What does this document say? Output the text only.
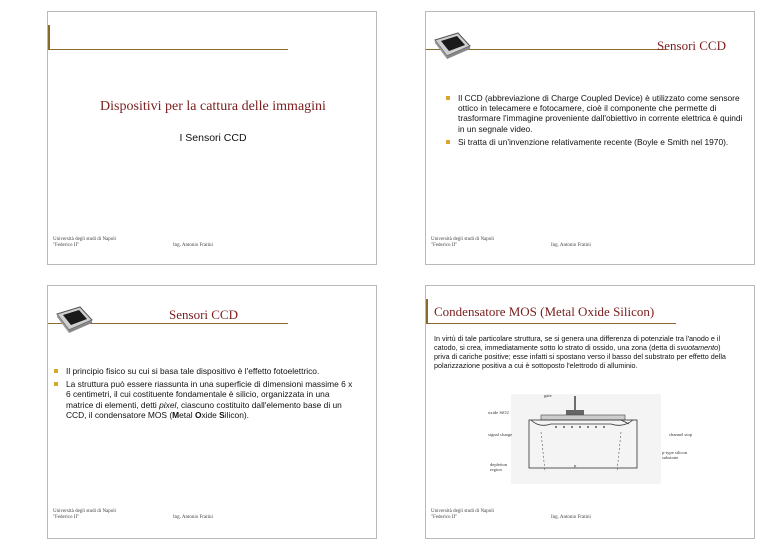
Dispositivi per la cattura delle immagini
I Sensori CCD
Università degli studi di Napoli
"Federico II"	Ing. Antonio Fratini
Sensori CCD
Il CCD (abbreviazione di Charge Coupled Device) è utilizzato come sensore ottico in telecamere e fotocamere, cioè il componente che permette di trasformare l'immagine proveniente dall'obiettivo in corrente elettrica è quindi in un segnale video.
Si tratta di un'invenzione relativamente recente (Boyle e Smith nel 1970).
Università degli studi di Napoli
"Federico II"	Ing. Antonio Fratini
Sensori CCD
Il principio fisico su cui si basa tale dispositivo è l'effetto fotoelettrico.
La struttura può essere riassunta in una superficie di dimensioni massime 6 x 6 centimetri, il cui costituente fondamentale è silicio, organizzata in una matrice di elementi, detti pixel, ciascuno costituito dall'elemento base di un CCD, il condensatore MOS (Metal Oxide Silicon).
Università degli studi di Napoli
"Federico II"	Ing. Antonio Fratini
Condensatore MOS (Metal Oxide Silicon)
In virtù di tale particolare struttura, se si genera una differenza di potenziale tra l'anodo e il catodo, si crea, immediatamente sotto lo strato di ossido, una zona (detta di svuotamento) priva di cariche positive; esse infatti si spostano verso il basso del substrato per effetto della polarizzazione positiva a cui è sottoposto l'elettrodo di alluminio.
gate
oxide SiO2
signal charge
depletion
region
channel stop
p-type silicon
substrate
p
Università degli studi di Napoli
"Federico II"	Ing. Antonio Fratini
